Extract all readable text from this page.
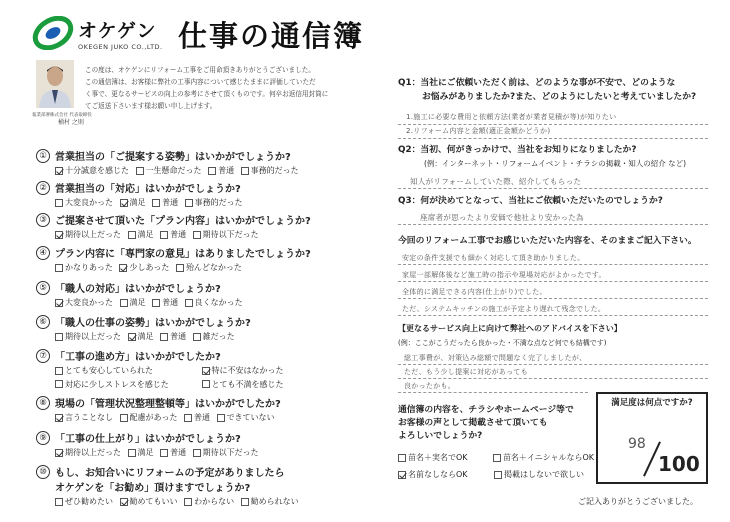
オケゲン
OKEGEN JUKO CO.,LTD. 仕事の通信簿
報業部署株式会社 代表取締役
桶村 之則
この度は、オケゲンにリフォーム工事をご用命頂きありがとうございました。
この通信簿は、お客様に弊社の工事内容について感じたままに評価していただ
く事で、更なるサービスの向上の参考にさせて頂くものです。何卒お返信用封筒に
てご返送下さいます様お願い申し上げます。
① 営業担当の「ご提案する姿勢」はいかがでしょうか?
十分誠意を感じた
一生懸命だった
普通
事務的だった
② 営業担当の「対応」はいかがでしょうか?
大変良かった
満足
普通
事務的だった
③ ご提案させて頂いた「プラン内容」はいかがでしょうか?
期待以上だった
満足
普通
期待以下だった
④ プラン内容に「専門家の意見」はありましたでしょうか?
かなりあった
少しあった
殆んどなかった
⑤ 「職人の対応」はいかがでしょうか?
大変良かった
満足
普通
良くなかった
⑥ 「職人の仕事の姿勢」はいかがでしょうか?
期待以上だった
満足
普通
雑だった
⑦ 「工事の進め方」はいかがでしたか?
とても安心していられた
	特に不安はなかった
対応に少しストレスを感じた
	とても不満を感じた
⑧ 現場の「管理状況整理整頓等」はいかがでしたか?
言うことなし
配慮があった
普通
できていない
⑨ 「工事の仕上がり」はいかがでしょうか?
期待以上だった
満足
普通
期待以下だった
⑩ もし、お知合いにリフォームの予定がありましたら
オケゲンを「お勧め」頂けますでしょうか?
ぜひ勧めたい
勧めてもいい
わからない
勧められない
Q1：当社にご依頼いただく前は、どのような事が不安で、どのような
お悩みがありましたか?また、どのようにしたいと考えていましたか?
1.施工に必要な費用と依頼方法(業者が業者見積が等)が知りたい
2.リフォーム内容と金額(適正金額かどうか)
Q2：当初、何がきっかけで、当社をお知りになりましたか?
(例：インターネット・リフォームイベント・チラシの掲載・知人の紹介 など)
知人がリフォームしていた際、紹介してもらった
Q3：何が決めてとなって、当社にご依頼いただいたのでしょうか?
座席者が思ったより安価で他社より安かった為
今回のリフォーム工事でお感じいただいた内容を、そのままご記入下さい。
安定の条件支援でも細かく対応して頂き助かりました。
家屋一部解体後など施工時の指示や現場対応がよかったです。
全体的に満足できる内容(仕上がり)でした。
ただ、システムキッチンの施工が予定より遅れて残念でした。
【更なるサービス向上に向けて弊社へのアドバイスを下さい】
(例：ここがこうだったら良かった・不満な点など何でも結構です)
総工事費が、対策込み総額で問題なく完了しましたが、
ただ、もう少し提案に対応があっても
良かったかも。
通信簿の内容を、チラシやホームページ等で
お客様の声として掲載させて頂いても
よろしいでしょうか?
苗名＋実名でOK	苗名＋イニシャルならOK
名前なしならOK	掲載はしないで欲しい
満足度は何点ですか?
98
100
ご記入ありがとうございました。
